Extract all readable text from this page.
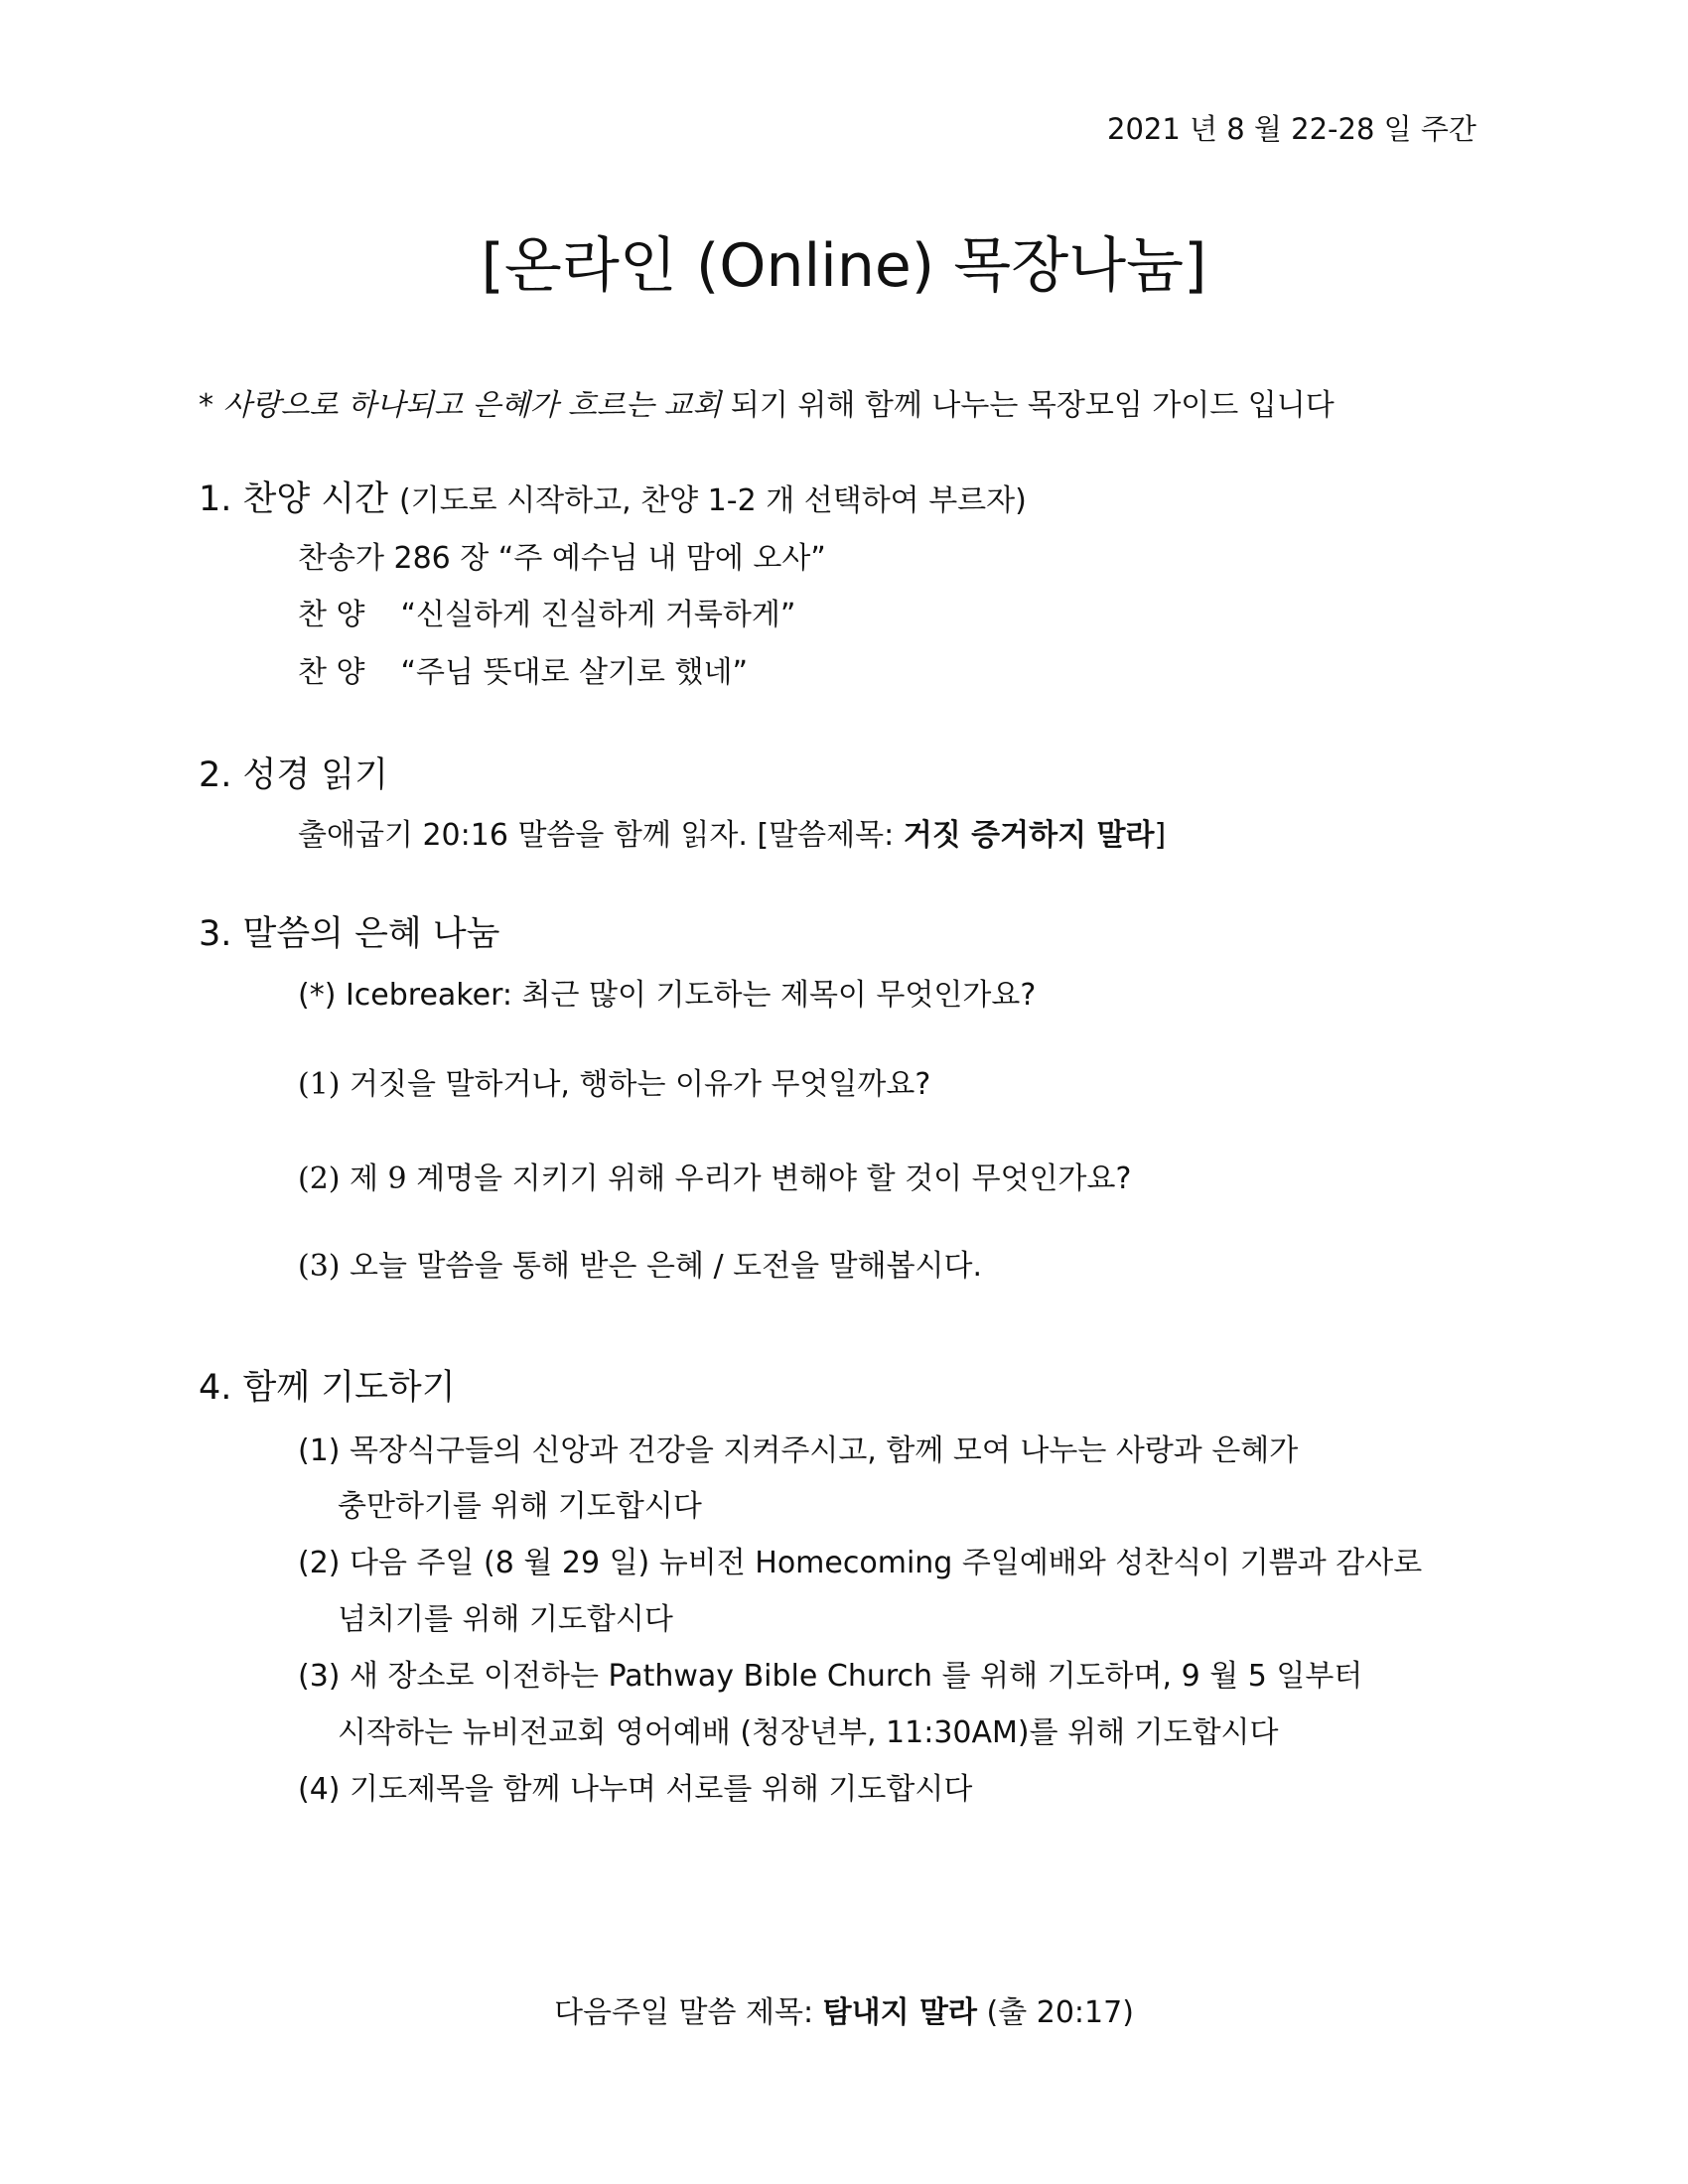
2021 년 8 월 22-28 일 주간
[온라인 (Online) 목장나눔]
* 사랑으로 하나되고 은혜가 흐르는 교회 되기 위해 함께 나누는 목장모임 가이드 입니다
1. 찬양 시간 (기도로 시작하고, 찬양 1-2 개 선택하여 부르자)
찬송가 286 장 “주 예수님 내 맘에 오사”
찬 양 “신실하게 진실하게 거룩하게”
찬 양 “주님 뜻대로 살기로 했네”
2. 성경 읽기
출애굽기 20:16 말씀을 함께 읽자. [말씀제목: 거짓 증거하지 말라]
3. 말씀의 은혜 나눔
(*) Icebreaker: 최근 많이 기도하는 제목이 무엇인가요?
(1) 거짓을 말하거나, 행하는 이유가 무엇일까요?
(2) 제 9 계명을 지키기 위해 우리가 변해야 할 것이 무엇인가요?
(3) 오늘 말씀을 통해 받은 은혜 / 도전을 말해봅시다.
4. 함께 기도하기
(1) 목장식구들의 신앙과 건강을 지켜주시고, 함께 모여 나누는 사랑과 은혜가
충만하기를 위해 기도합시다
(2) 다음 주일 (8 월 29 일) 뉴비전 Homecoming 주일예배와 성찬식이 기쁨과 감사로
넘치기를 위해 기도합시다
(3) 새 장소로 이전하는 Pathway Bible Church 를 위해 기도하며, 9 월 5 일부터
시작하는 뉴비전교회 영어예배 (청장년부, 11:30AM)를 위해 기도합시다
(4) 기도제목을 함께 나누며 서로를 위해 기도합시다
다음주일 말씀 제목: 탐내지 말라 (출 20:17)
